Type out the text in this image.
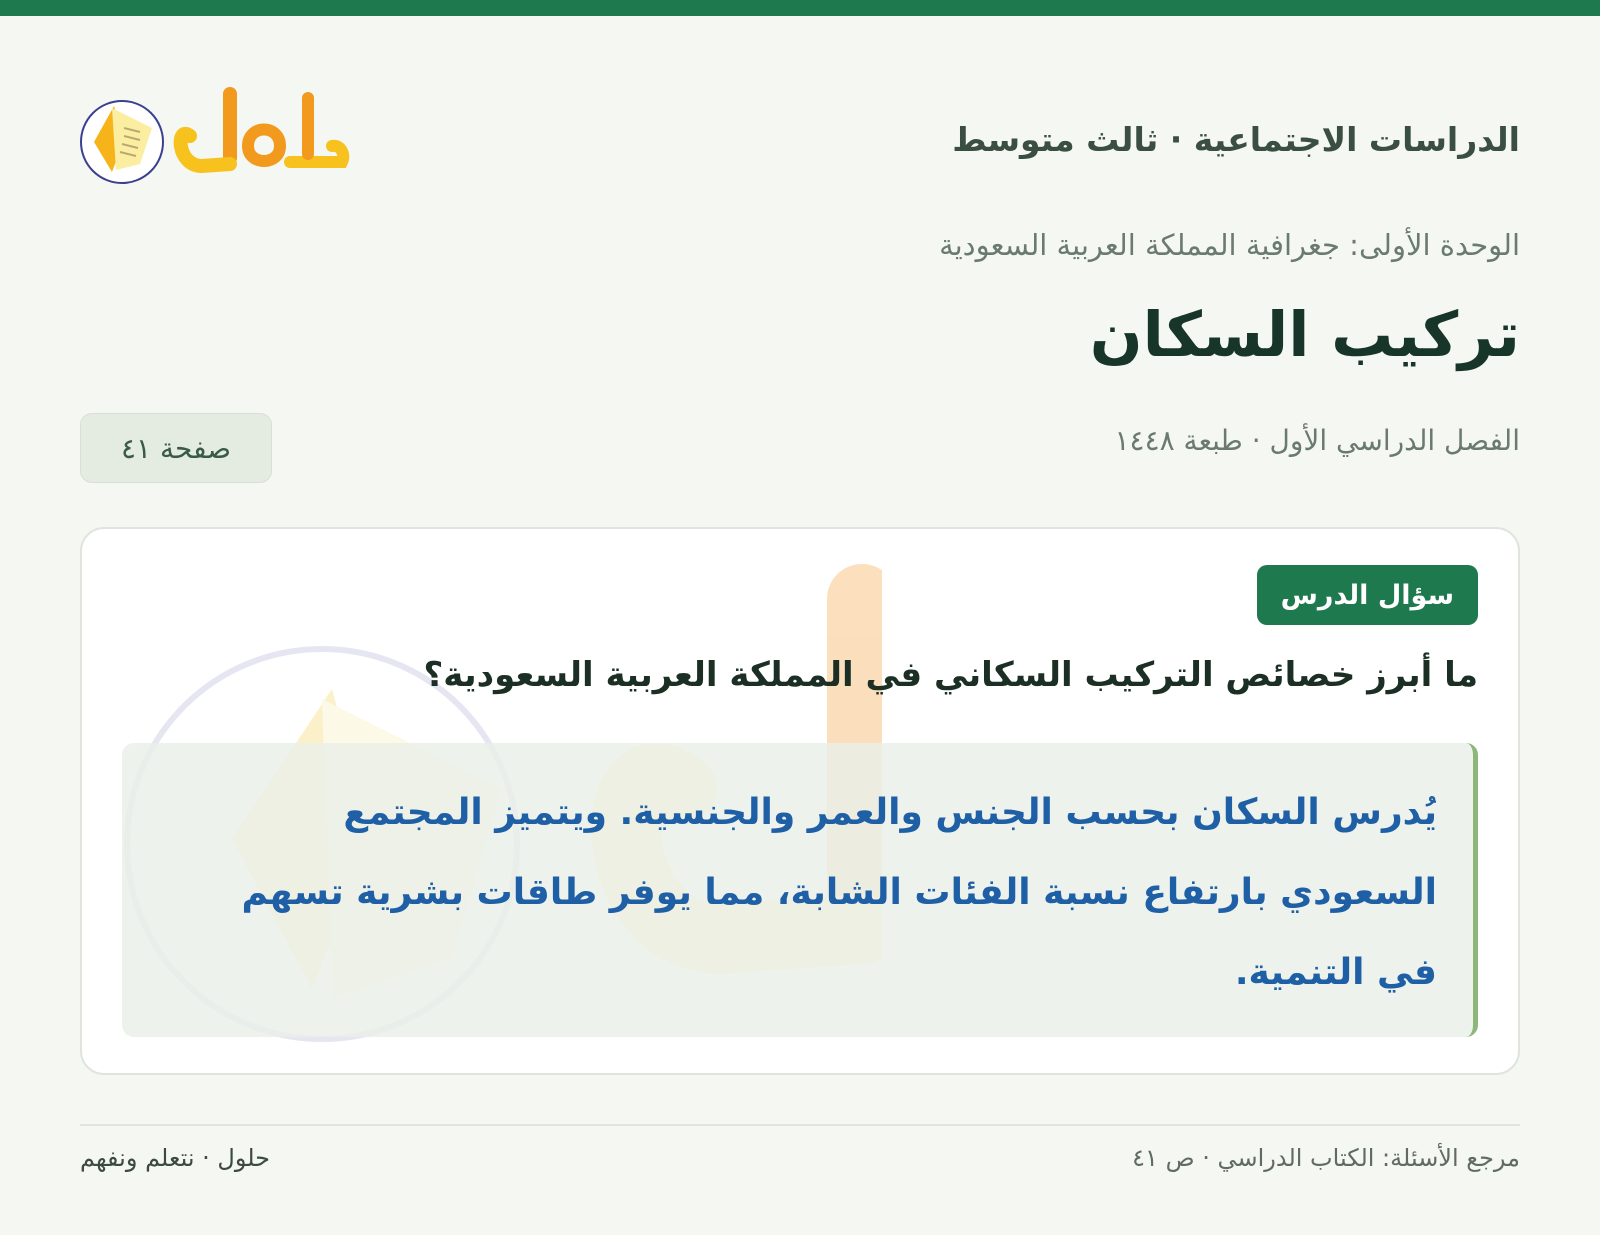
الدراسات الاجتماعية · ثالث متوسط
الوحدة الأولى: جغرافية المملكة العربية السعودية
تركيب السكان
الفصل الدراسي الأول · طبعة ١٤٤٨
صفحة ٤١
سؤال الدرس
ما أبرز خصائص التركيب السكاني في المملكة العربية السعودية؟

يُدرس السكان بحسب الجنس والعمر والجنسية. ويتميز المجتمع السعودي بارتفاع نسبة الفئات الشابة، مما يوفر طاقات بشرية تسهم في التنمية.

مرجع الأسئلة: الكتاب الدراسي · ص ٤١
حلول · نتعلم ونفهم
